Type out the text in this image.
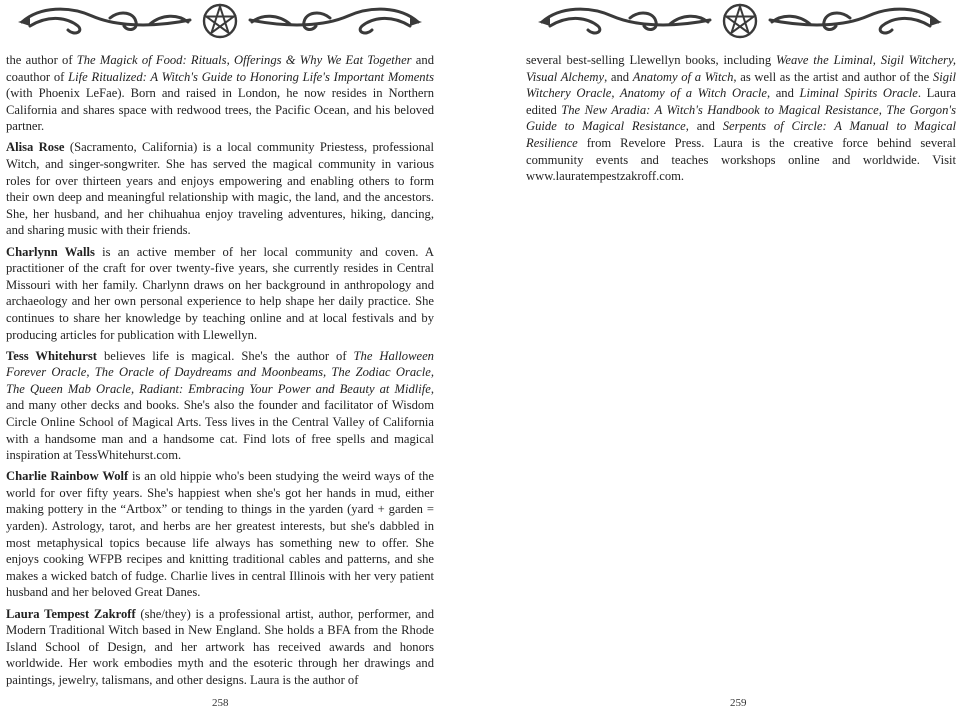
the author of The Magick of Food: Rituals, Offerings & Why We Eat Together and coauthor of Life Ritualized: A Witch's Guide to Honoring Life's Important Moments (with Phoenix LeFae). Born and raised in London, he now resides in Northern California and shares space with redwood trees, the Pacific Ocean, and his beloved partner.

Alisa Rose (Sacramento, California) is a local community Priestess, professional Witch, and singer-songwriter. She has served the magical community in various roles for over thirteen years and enjoys empowering and enabling others to form their own deep and meaningful relationship with magic, the land, and the ancestors. She, her husband, and her chihuahua enjoy traveling adventures, hiking, dancing, and sharing music with their friends.

Charlynn Walls is an active member of her local community and coven. A practitioner of the craft for over twenty-five years, she currently resides in Central Missouri with her family. Charlynn draws on her background in anthropology and archaeology and her own personal experience to help shape her daily practice. She continues to share her knowledge by teaching online and at local festivals and by producing articles for publication with Llewellyn.

Tess Whitehurst believes life is magical. She's the author of The Halloween Forever Oracle, The Oracle of Daydreams and Moonbeams, The Zodiac Oracle, The Queen Mab Oracle, Radiant: Embracing Your Power and Beauty at Midlife, and many other decks and books. She's also the founder and facilitator of Wisdom Circle Online School of Magical Arts. Tess lives in the Central Valley of California with a handsome man and a handsome cat. Find lots of free spells and magical inspiration at TessWhitehurst.com.

Charlie Rainbow Wolf is an old hippie who's been studying the weird ways of the world for over fifty years. She's happiest when she's got her hands in mud, either making pottery in the “Artbox” or tending to things in the yarden (yard + garden = yarden). Astrology, tarot, and herbs are her greatest interests, but she's dabbled in most metaphysical topics because life always has something new to offer. She enjoys cooking WFPB recipes and knitting traditional cables and patterns, and she makes a wicked batch of fudge. Charlie lives in central Illinois with her very patient husband and her beloved Great Danes.

Laura Tempest Zakroff (she/they) is a professional artist, author, performer, and Modern Traditional Witch based in New England. She holds a BFA from the Rhode Island School of Design, and her artwork has received awards and honors worldwide. Her work embodies myth and the esoteric through her drawings and paintings, jewelry, talismans, and other designs. Laura is the author of

258

several best-selling Llewellyn books, including Weave the Liminal, Sigil Witchery, Visual Alchemy, and Anatomy of a Witch, as well as the artist and author of the Sigil Witchery Oracle, Anatomy of a Witch Oracle, and Liminal Spirits Oracle. Laura edited The New Aradia: A Witch's Handbook to Magical Resistance, The Gorgon's Guide to Magical Resistance, and Serpents of Circle: A Manual to Magical Resilience from Revelore Press. Laura is the creative force behind several community events and teaches workshops online and worldwide. Visit www.lauratempestzakroff.com.

259
